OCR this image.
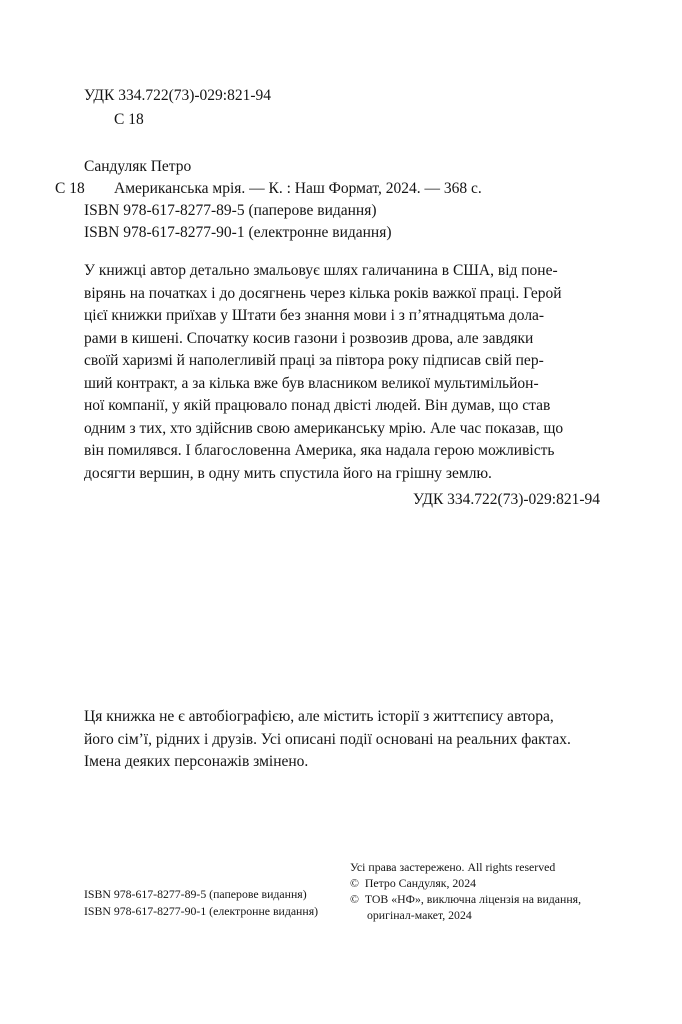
УДК 334.722(73)-029:821-94
С 18
Сандуляк Петро
С 18	Американська мрія. — К. : Наш Формат, 2024. — 368 с.
ISBN 978-617-8277-89-5 (паперове видання)
ISBN 978-617-8277-90-1 (електронне видання)
У книжці автор детально змальовує шлях галичанина в США, від поне-
вірянь на початках і до досягнень через кілька років важкої праці. Герой
цієї книжки приїхав у Штати без знання мови і з п’ятнадцятьма дола-
рами в кишені. Спочатку косив газони і розвозив дрова, але завдяки
своїй харизмі й наполегливій праці за півтора року підписав свій пер-
ший контракт, а за кілька вже був власником великої мультимільйон-
ної компанії, у якій працювало понад двісті людей. Він думав, що став
одним з тих, хто здійснив свою американську мрію. Але час показав, що
він помилявся. І благословенна Америка, яка надала герою можливість
досягти вершин, в одну мить спустила його на грішну землю.
УДК 334.722(73)-029:821-94
Ця книжка не є автобіографією, але містить історії з життєпису автора,
його сім’ї, рідних і друзів. Усі описані події основані на реальних фактах.
Імена деяких персонажів змінено.
ISBN 978-617-8277-89-5 (паперове видання)
ISBN 978-617-8277-90-1 (електронне видання)
Усі права застережено. All rights reserved
©  Петро Сандуляк, 2024
©  ТОВ «НФ», виключна ліцензія на видання,
оригінал-макет, 2024
